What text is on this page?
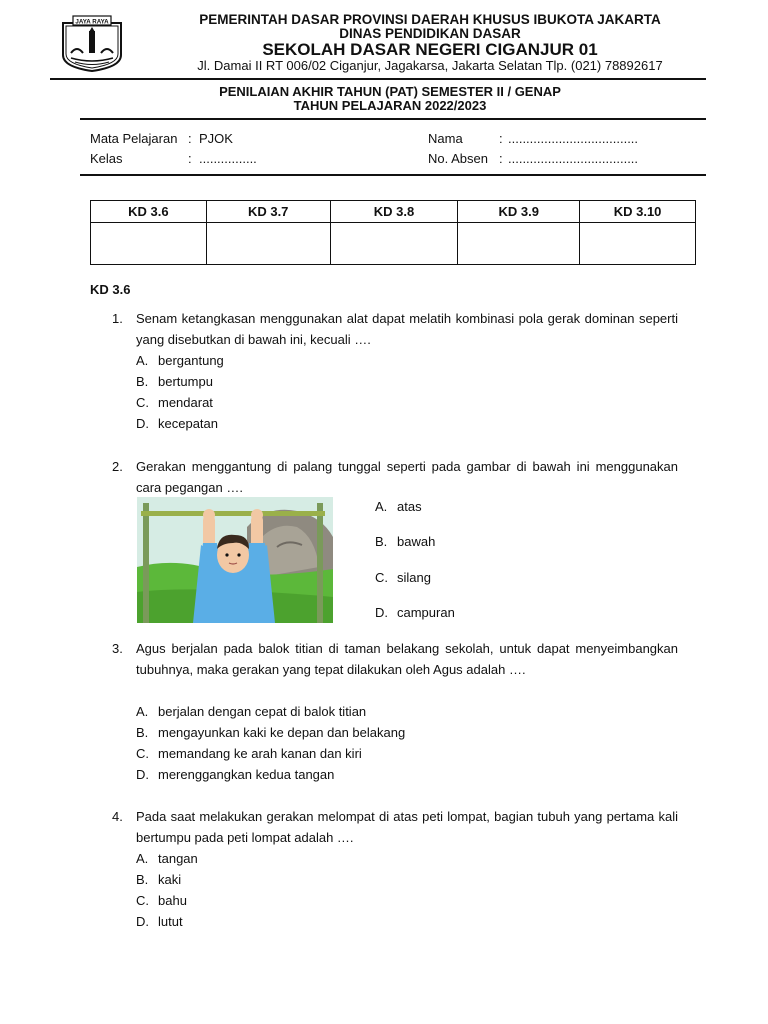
JAYA RAYA	PEMERINTAH DASAR PROVINSI DAERAH KHUSUS IBUKOTA JAKARTA
DINAS PENDIDIKAN DASAR
SEKOLAH DASAR NEGERI CIGANJUR 01
Jl. Damai II RT 006/02 Ciganjur, Jagakarsa, Jakarta Selatan Tlp. (021) 78892617
PENILAIAN AKHIR TAHUN (PAT) SEMESTER II / GENAP
TAHUN PELAJARAN 2022/2023
Mata Pelajaran : PJOK
Kelas	: ................
Nama	: ....................................
No. Absen : ....................................
KD 3.6	KD 3.7	KD 3.8	KD 3.9	KD 3.10

KD 3.6
1.	Senam ketangkasan menggunakan alat dapat melatih kombinasi pola gerak dominan seperti yang disebutkan di bawah ini, kecuali ….
A. bergantung
B. bertumpu
C. mendarat
D. kecepatan
2.	Gerakan menggantung di palang tunggal seperti pada gambar di bawah ini menggunakan cara pegangan ….
A. atas
B. bawah
C. silang
D. campuran
3.	Agus berjalan pada balok titian di taman belakang sekolah, untuk dapat menyeimbangkan tubuhnya, maka gerakan yang tepat dilakukan oleh Agus adalah ….
A. berjalan dengan cepat di balok titian
B. mengayunkan kaki ke depan dan belakang
C. memandang ke arah kanan dan kiri
D. merenggangkan kedua tangan
4.	Pada saat melakukan gerakan melompat di atas peti lompat, bagian tubuh yang pertama kali bertumpu pada peti lompat adalah ….
A. tangan
B. kaki
C. bahu
D. lutut
